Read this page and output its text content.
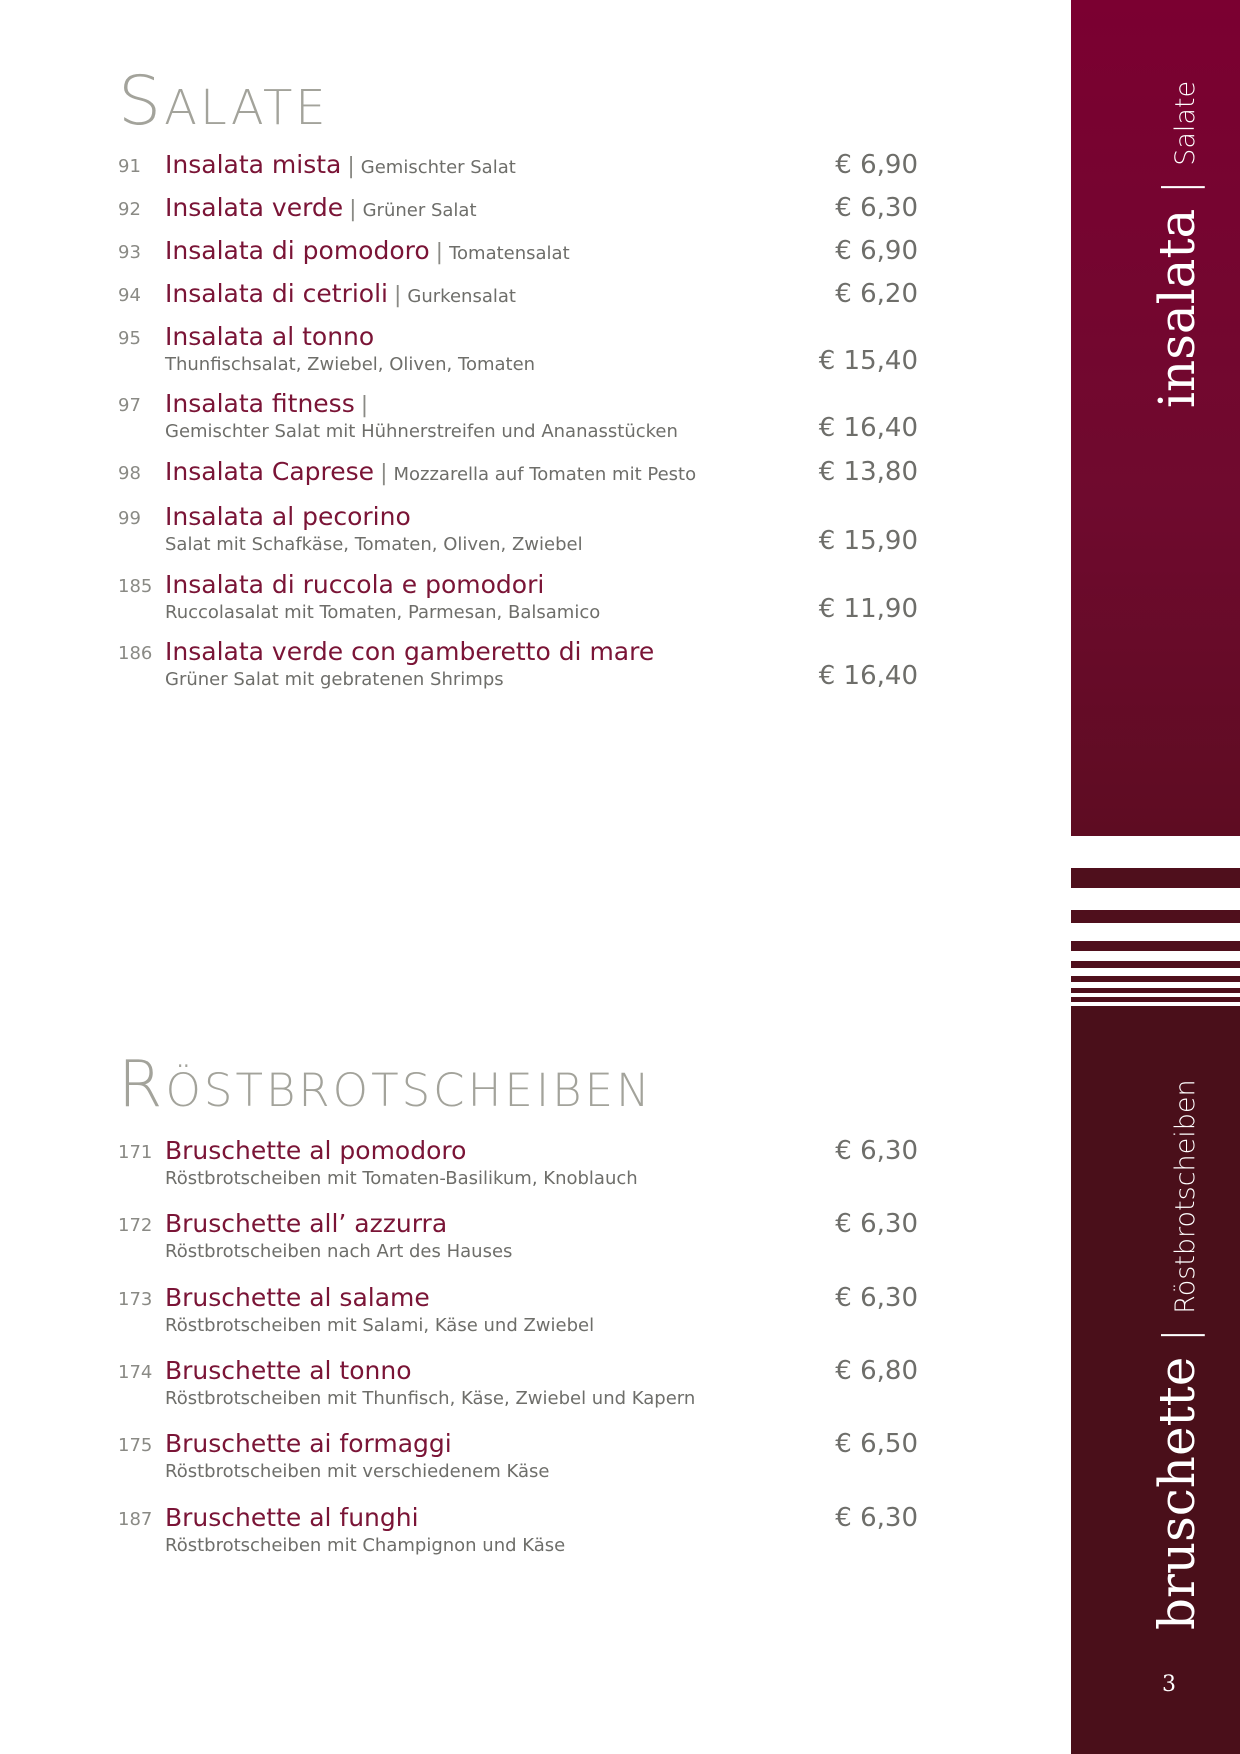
Salate
91 Insalata mista | Gemischter Salat	€ 6,90
92 Insalata verde | Grüner Salat	€ 6,30
93 Insalata di pomodoro | Tomatensalat	€ 6,90
94 Insalata di cetrioli | Gurkensalat	€ 6,20
95 Insalata al tonno
Thunfischsalat, Zwiebel, Oliven, Tomaten	€ 15,40
97 Insalata fitness |
Gemischter Salat mit Hühnerstreifen und Ananasstücken	€ 16,40
98 Insalata Caprese | Mozzarella auf Tomaten mit Pesto	€ 13,80
99 Insalata al pecorino
Salat mit Schafkäse, Tomaten, Oliven, Zwiebel	€ 15,90
185 Insalata di ruccola e pomodori
Ruccolasalat mit Tomaten, Parmesan, Balsamico	€ 11,90
186 Insalata verde con gamberetto di mare
Grüner Salat mit gebratenen Shrimps	€ 16,40
Röstbrotscheiben
171 Bruschette al pomodoro
Röstbrotscheiben mit Tomaten-Basilikum, Knoblauch
€ 6,30
172 Bruschette all’ azzurra
Röstbrotscheiben nach Art des Hauses
€ 6,30
173 Bruschette al salame
Röstbrotscheiben mit Salami, Käse und Zwiebel
€ 6,30
174 Bruschette al tonno
Röstbrotscheiben mit Thunfisch, Käse, Zwiebel und Kapern
€ 6,80
175 Bruschette ai formaggi
Röstbrotscheiben mit verschiedenem Käse
€ 6,50
187 Bruschette al funghi
Röstbrotscheiben mit Champignon und Käse
€ 6,30
insalata|Salate
bruschette|Röstbrotscheiben
3
